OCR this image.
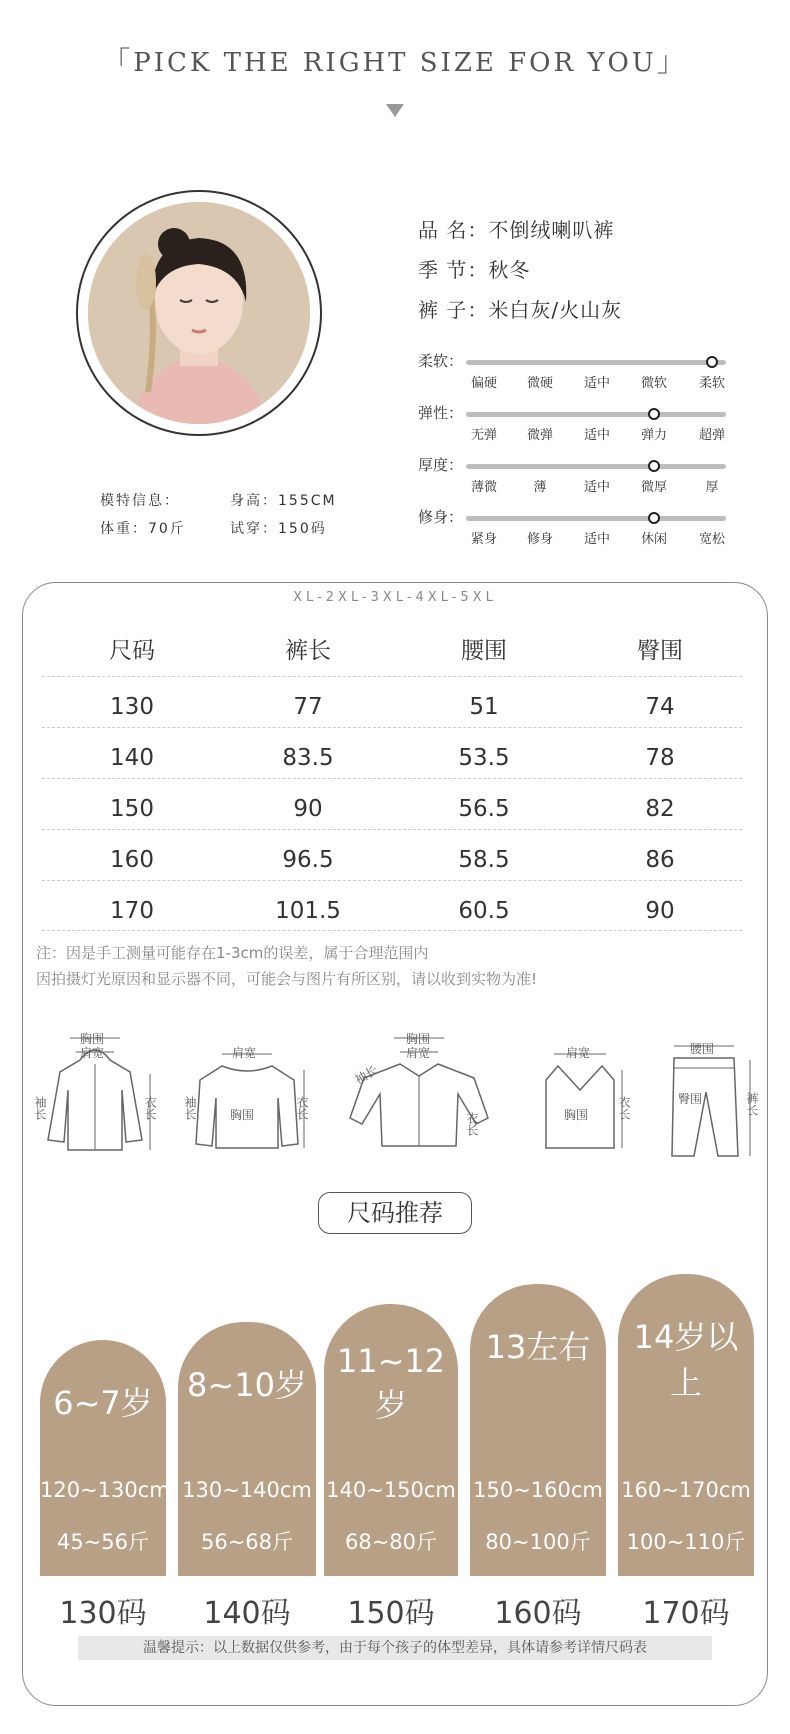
「PICK THE RIGHT SIZE FOR YOU」
模特信息：	身高：155CM
体重：70斤	试穿：150码
品 名：不倒绒喇叭裤
季 节：秋冬
裤 子：米白灰/火山灰
柔软：
偏硬	微硬	适中	微软	柔软
弹性：
无弹	微弹	适中	弹力	超弹
厚度：
薄微	薄	适中	微厚	厚
修身：
紧身	修身	适中	休闲	宽松
XL-2XL-3XL-4XL-5XL
尺码	裤长	腰围	臀围
130	77	51	74
140	83.5	53.5	78
150	90	56.5	82
160	96.5	58.5	86
170	101.5	60.5	90
注：因是手工测量可能存在1-3cm的误差，属于合理范围内
因拍摄灯光原因和显示器不同，可能会与图片有所区别，请以收到实物为准!
胸围
肩宽
袖长	衣长
肩宽
胸围
袖长	衣长
胸围
肩宽
袖长
衣长
肩宽
胸围 衣长
腰围
臀围	裤长
尺码推荐
6~7岁
120~130cm
45~56斤
130码
8~10岁
130~140cm
56~68斤
140码
11~12岁
140~150cm
68~80斤
150码
13左右
150~160cm
80~100斤
160码
14岁以上
160~170cm
100~110斤
170码
温馨提示：以上数据仅供参考，由于每个孩子的体型差异，具体请参考详情尺码表
